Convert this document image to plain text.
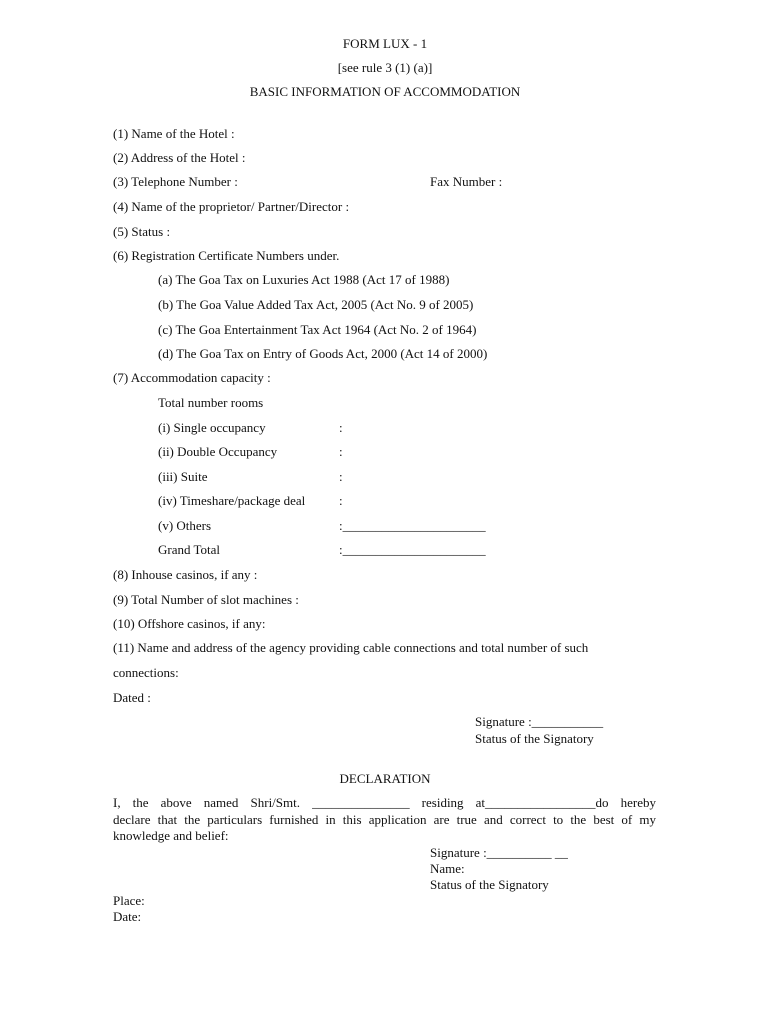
FORM LUX - 1
[see rule 3 (1) (a)]
BASIC INFORMATION OF ACCOMMODATION
(1) Name of the Hotel :
(2) Address of the Hotel :
(3) Telephone Number :	Fax Number :
(4) Name of the proprietor/ Partner/Director :
(5) Status :
(6) Registration Certificate Numbers under.
(a) The Goa Tax on Luxuries Act 1988 (Act 17 of 1988)
(b) The Goa Value Added Tax Act, 2005 (Act No. 9 of 2005)
(c) The Goa Entertainment Tax Act 1964 (Act No. 2 of 1964)
(d) The Goa Tax on Entry of Goods Act, 2000 (Act 14 of 2000)
(7) Accommodation capacity :
Total number rooms
(i) Single occupancy	:
(ii) Double Occupancy	:
(iii) Suite	:
(iv) Timeshare/package deal	:
(v) Others	:______________________
Grand Total	:______________________
(8) Inhouse casinos, if any :
(9) Total Number of slot machines :
(10) Offshore casinos, if any:
(11) Name and address of the agency providing cable connections and total number of such
connections:
Dated :
Signature :___________
Status of the Signatory
DECLARATION
I, the above named Shri/Smt. _______________ residing at_________________do hereby
declare that the particulars furnished in this application are true and correct to the best of my
knowledge and belief:
Signature :__________ __
Name:
Status of the Signatory
Place:
Date:
